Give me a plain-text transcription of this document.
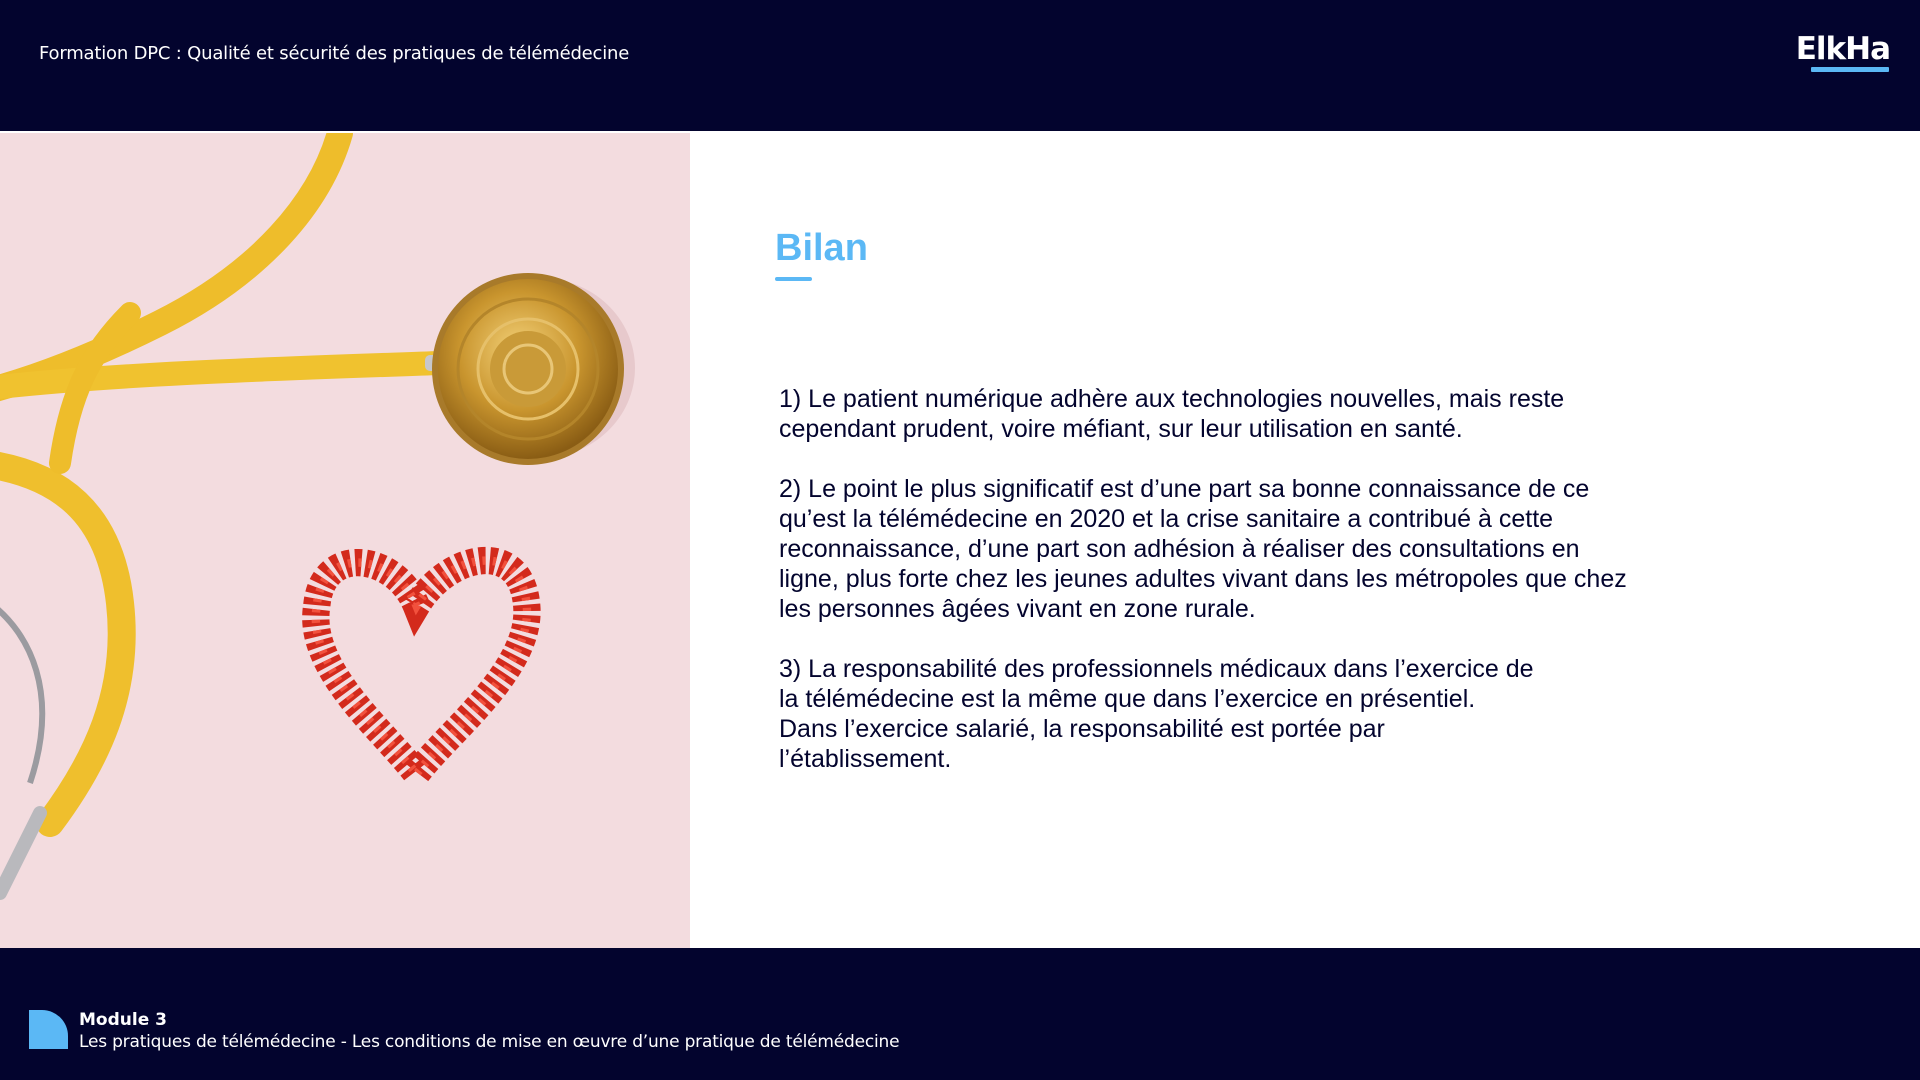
Formation DPC : Qualité et sécurité des pratiques de télémédecine	ElkHa
Bilan

1) Le patient numérique adhère aux technologies nouvelles, mais reste
cependant prudent, voire méfiant, sur leur utilisation en santé.

2) Le point le plus significatif est d’une part sa bonne connaissance de ce
qu’est la télémédecine en 2020 et la crise sanitaire a contribué à cette
reconnaissance, d’une part son adhésion à réaliser des consultations en
ligne, plus forte chez les jeunes adultes vivant dans les métropoles que chez
les personnes âgées vivant en zone rurale.

3) La responsabilité des professionnels médicaux dans l’exercice de
la télémédecine est la même que dans l’exercice en présentiel.
Dans l’exercice salarié, la responsabilité est portée par
l’établissement.

Module 3
Les pratiques de télémédecine - Les conditions de mise en œuvre d’une pratique de télémédecine
